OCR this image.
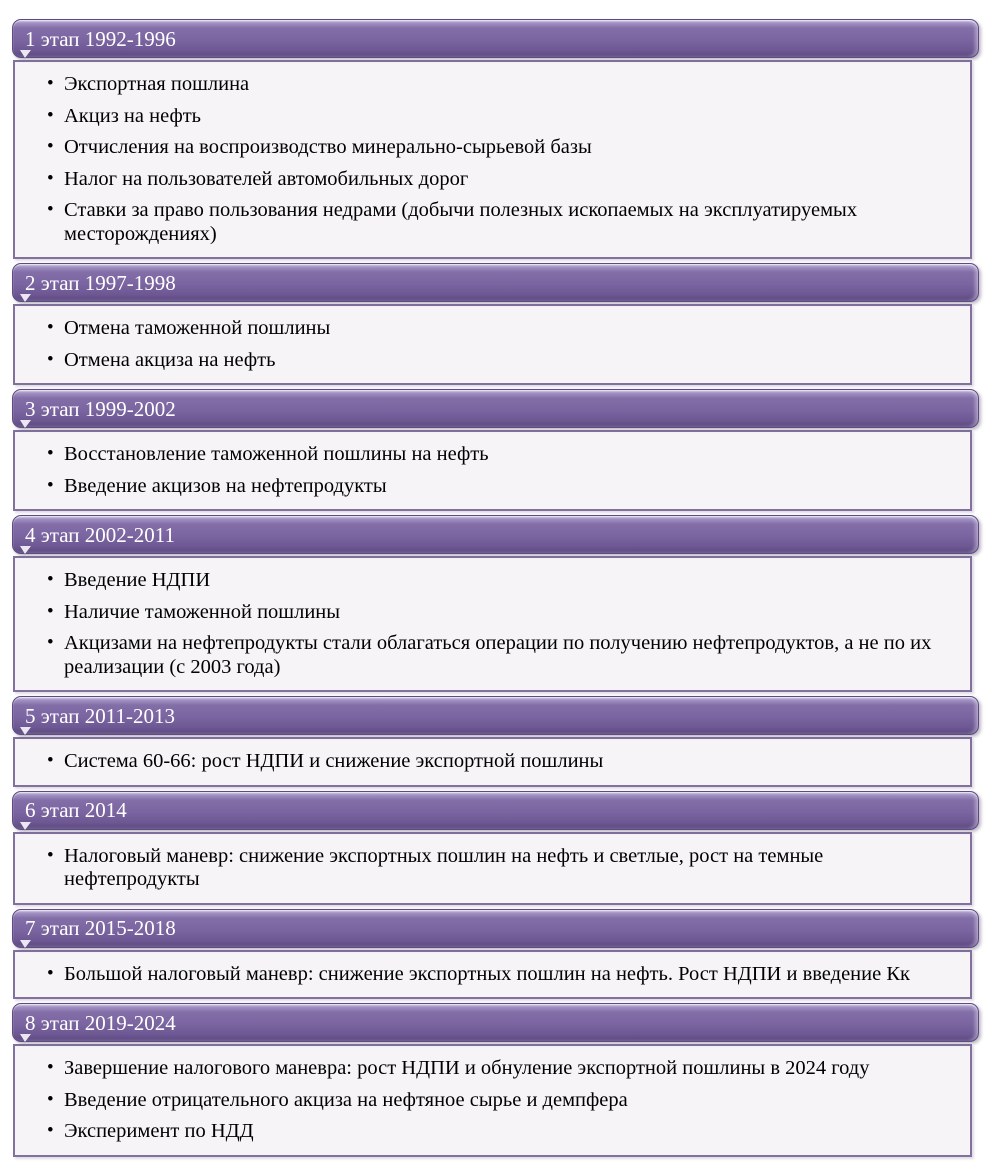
1 этап 1992-1996
• Экспортная пошлина
• Акциз на нефть
• Отчисления на воспроизводство минерально-сырьевой базы
• Налог на пользователей автомобильных дорог
• Ставки за право пользования недрами (добычи полезных ископаемых на эксплуатируемых месторождениях)
2 этап 1997-1998
• Отмена таможенной пошлины
• Отмена акциза на нефть
3 этап 1999-2002
• Восстановление таможенной пошлины на нефть
• Введение акцизов на нефтепродукты
4 этап 2002-2011
• Введение НДПИ
• Наличие таможенной пошлины
• Акцизами на нефтепродукты стали облагаться операции по получению нефтепродуктов, а не по их реализации (с 2003 года)
5 этап 2011-2013
• Система 60-66: рост НДПИ и снижение экспортной пошлины
6 этап 2014
• Налоговый маневр: снижение экспортных пошлин на нефть и светлые, рост на темные нефтепродукты
7 этап 2015-2018
• Большой налоговый маневр: снижение экспортных пошлин на нефть. Рост НДПИ и введение Кк
8 этап 2019-2024
• Завершение налогового маневра: рост НДПИ и обнуление экспортной пошлины в 2024 году
• Введение отрицательного акциза на нефтяное сырье и демпфера
• Эксперимент по НДД
